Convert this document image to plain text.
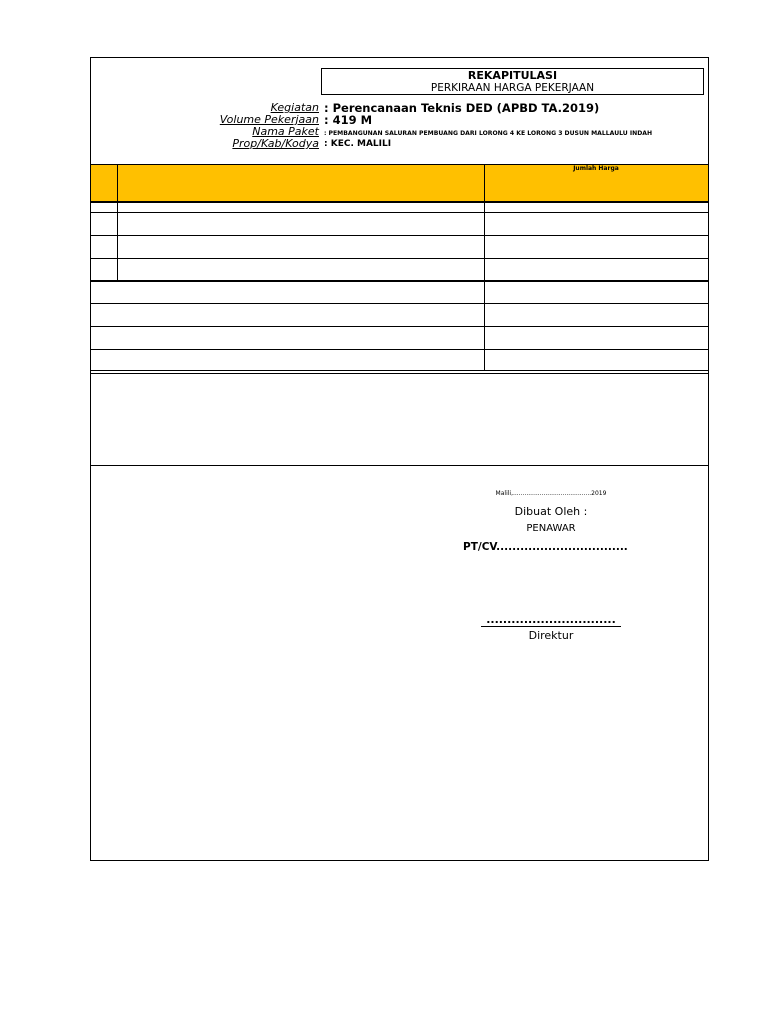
REKAPITULASI
PERKIRAAN HARGA PEKERJAAN
Kegiatan : Perencanaan Teknis DED (APBD TA.2019)
Volume Pekerjaan : 419 M
Nama Paket : PEMBANGUNAN SALURAN PEMBUANG DARI LORONG 4 KE LORONG 3 DUSUN MALLAULU INDAH
Prop/Kab/Kodya : KEC. MALILI
Jumlah Harga
Malili,.........................................2019
Dibuat Oleh :
PENAWAR
PT/CV.................................
...............................
Direktur
